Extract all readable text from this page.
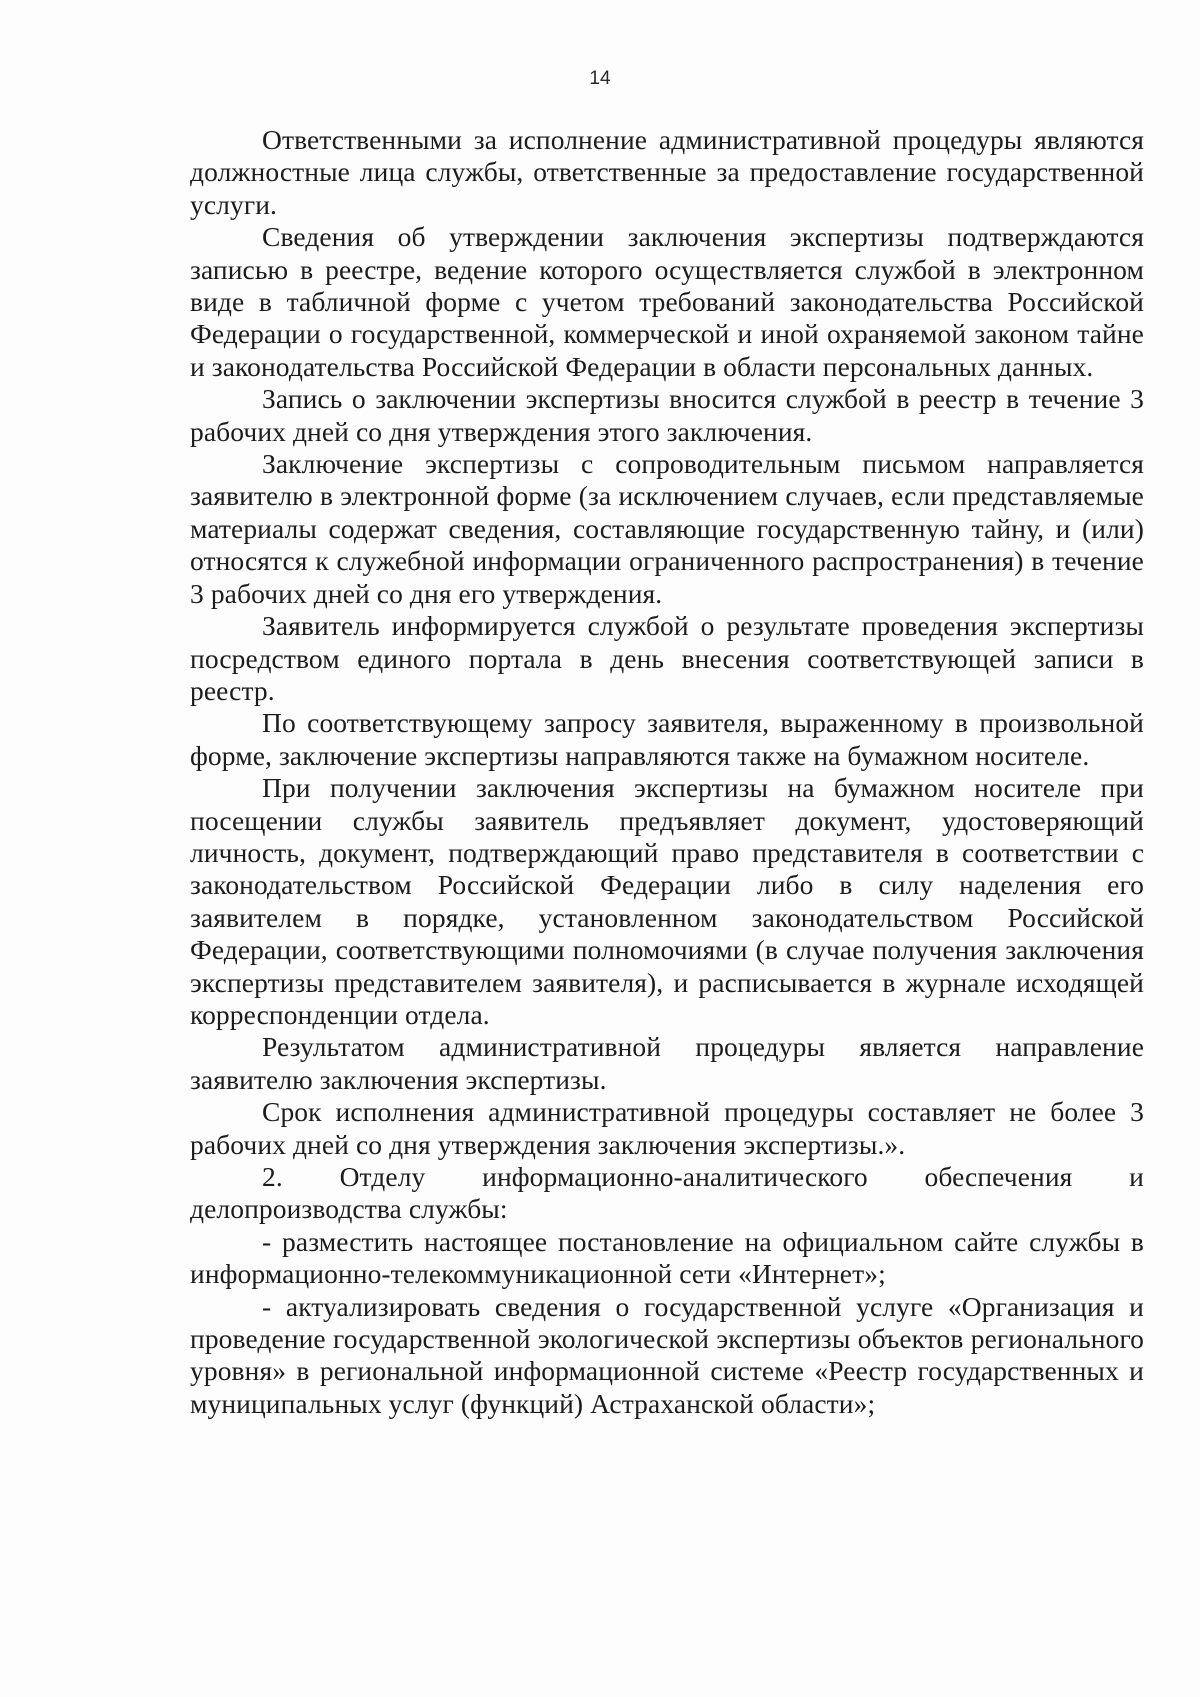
14

Ответственными за исполнение административной процедуры являются должностные лица службы, ответственные за предоставление государственной услуги.

Сведения об утверждении заключения экспертизы подтверждаются записью в реестре, ведение которого осуществляется службой в электронном виде в табличной форме с учетом требований законодательства Российской Федерации о государственной, коммерческой и иной охраняемой законом тайне и законодательства Российской Федерации в области персональных данных.

Запись о заключении экспертизы вносится службой в реестр в течение 3 рабочих дней со дня утверждения этого заключения.

Заключение экспертизы с сопроводительным письмом направляется заявителю в электронной форме (за исключением случаев, если представляемые материалы содержат сведения, составляющие государственную тайну, и (или) относятся к служебной информации ограниченного распространения) в течение 3 рабочих дней со дня его утверждения.

Заявитель информируется службой о результате проведения экспертизы посредством единого портала в день внесения соответствующей записи в реестр.

По соответствующему запросу заявителя, выраженному в произвольной форме, заключение экспертизы направляются также на бумажном носителе.

При получении заключения экспертизы на бумажном носителе при посещении службы заявитель предъявляет документ, удостоверяющий личность, документ, подтверждающий право представителя в соответствии с законодательством Российской Федерации либо в силу наделения его заявителем в порядке, установленном законодательством Российской Федерации, соответствующими полномочиями (в случае получения заключения экспертизы представителем заявителя), и расписывается в журнале исходящей корреспонденции отдела.

Результатом административной процедуры является направление заявителю заключения экспертизы.

Срок исполнения административной процедуры составляет не более 3 рабочих дней со дня утверждения заключения экспертизы.».

2. Отделу информационно-аналитического обеспечения и делопроизводства службы:

- разместить настоящее постановление на официальном сайте службы в информационно-телекоммуникационной сети «Интернет»;

- актуализировать сведения о государственной услуге «Организация и проведение государственной экологической экспертизы объектов регионального уровня» в региональной информационной системе «Реестр государственных и муниципальных услуг (функций) Астраханской области»;
